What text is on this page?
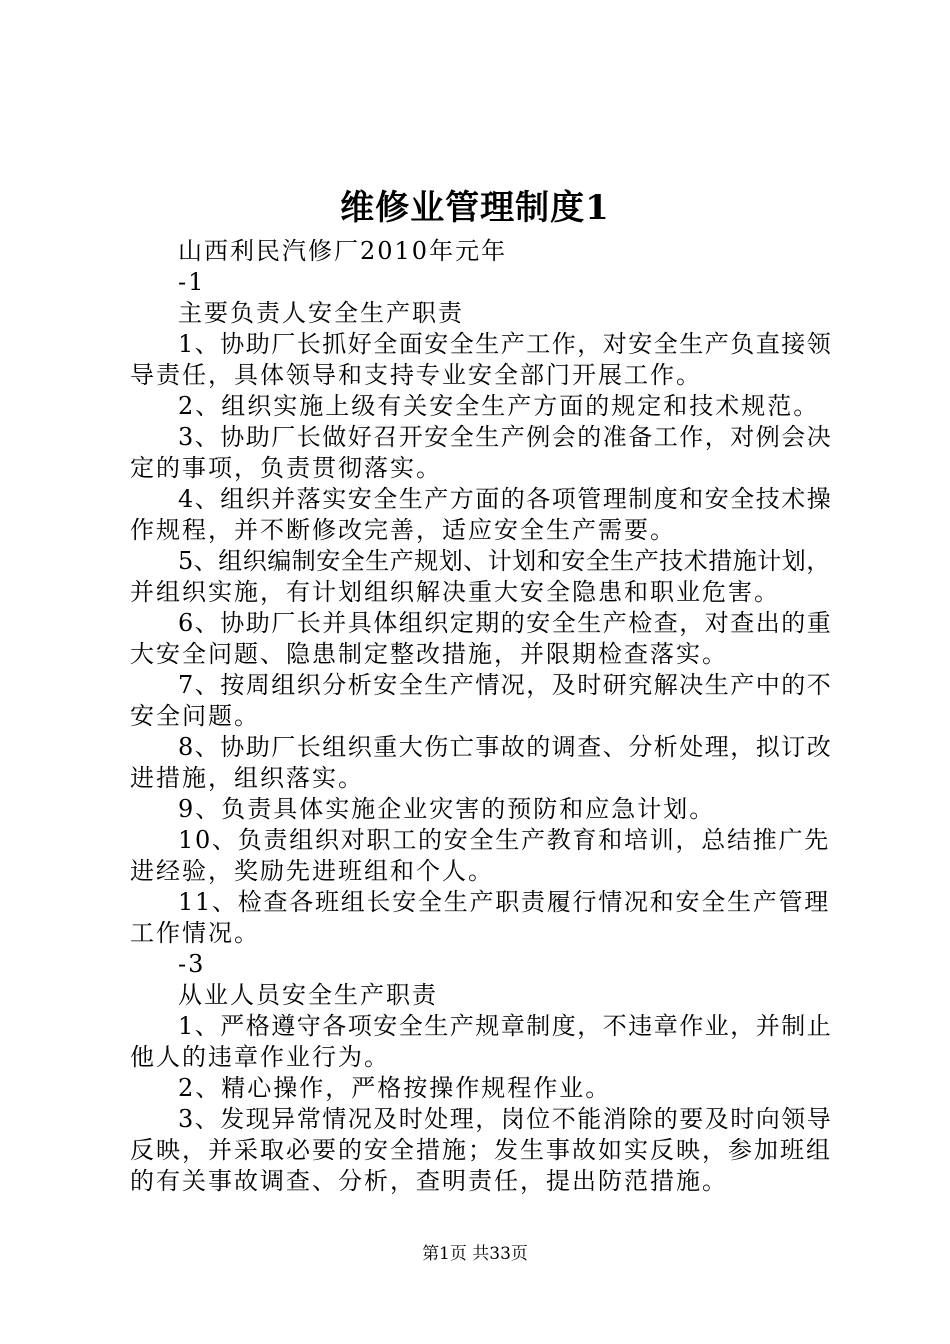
维修业管理制度1
山西利民汽修厂2010年元年
-1
主要负责人安全生产职责
1、协助厂长抓好全面安全生产工作，对安全生产负直接领
导责任，具体领导和支持专业安全部门开展工作。
2、组织实施上级有关安全生产方面的规定和技术规范。
3、协助厂长做好召开安全生产例会的准备工作，对例会决
定的事项，负责贯彻落实。
4、组织并落实安全生产方面的各项管理制度和安全技术操
作规程，并不断修改完善，适应安全生产需要。
5、组织编制安全生产规划、计划和安全生产技术措施计划，
并组织实施，有计划组织解决重大安全隐患和职业危害。
6、协助厂长并具体组织定期的安全生产检查，对查出的重
大安全问题、隐患制定整改措施，并限期检查落实。
7、按周组织分析安全生产情况，及时研究解决生产中的不
安全问题。
8、协助厂长组织重大伤亡事故的调查、分析处理，拟订改
进措施，组织落实。
9、负责具体实施企业灾害的预防和应急计划。
10、负责组织对职工的安全生产教育和培训，总结推广先
进经验，奖励先进班组和个人。
11、检查各班组长安全生产职责履行情况和安全生产管理
工作情况。
-3
从业人员安全生产职责
1、严格遵守各项安全生产规章制度，不违章作业，并制止
他人的违章作业行为。
2、精心操作，严格按操作规程作业。
3、发现异常情况及时处理，岗位不能消除的要及时向领导
反映，并采取必要的安全措施；发生事故如实反映，参加班组
的有关事故调查、分析，查明责任，提出防范措施。
第1页 共33页
